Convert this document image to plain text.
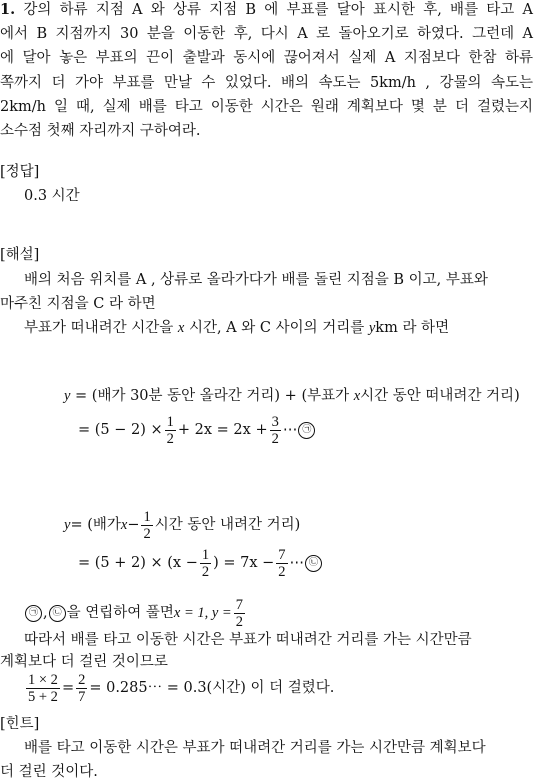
1. 강의 하류 지점 A 와 상류 지점 B 에 부표를 달아 표시한 후, 배를 타고 A
에서 B 지점까지 30 분을 이동한 후, 다시 A 로 돌아오기로 하였다. 그런데 A
에 달아 놓은 부표의 끈이 출발과 동시에 끊어져서 실제 A 지점보다 한참 하류
쪽까지 더 가야 부표를 만날 수 있었다. 배의 속도는 5km/h , 강물의 속도는
2km/h 일 때, 실제 배를 타고 이동한 시간은 원래 계획보다 몇 분 더 걸렸는지
소수점 첫째 자리까지 구하여라.
[정답]
0.3 시간
[해설]
배의 처음 위치를 A , 상류로 올라가다가 배를 돌린 지점을 B 이고, 부표와
마주친 지점을 C 라 하면
부표가 떠내려간 시간을 x 시간, A 와 C 사이의 거리를 ykm 라 하면
y = (배가 30분 동안 올라간 거리) + (부표가 x시간 동안 떠내려간 거리)
= $(5 - 2) \times \frac{1}{2} + 2x = 2x + \frac{3}{2}$ ⋯ ㉠
y = (배가 $x - \frac{1}{2}$ 시간 동안 내려간 거리)
= $(5 + 2) \times (x - \frac{1}{2}$ ) = $7x - \frac{7}{2}$ ⋯ ㉡
㉠ , ㉡ 을 연립하여 풀면 x = 1, $y = \frac{7}{2}$
따라서 배를 타고 이동한 시간은 부표가 떠내려간 거리를 가는 시간만큼
계획보다 더 걸린 것이므로
$\frac{1 \times 2}{5 + 2} = \frac{2}{7}$ = 0.285⋯ = 0.3(시간) 이 더 걸렸다.
[힌트]
배를 타고 이동한 시간은 부표가 떠내려간 거리를 가는 시간만큼 계획보다
더 걸린 것이다.
